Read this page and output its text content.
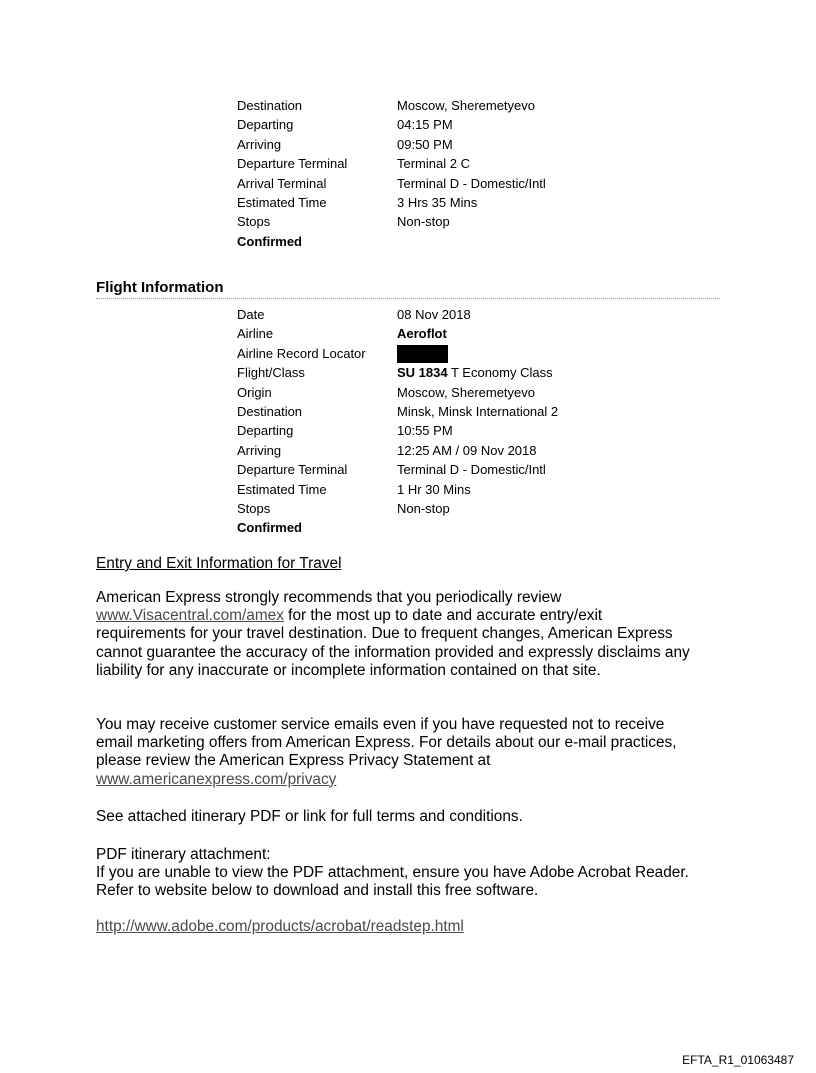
Destination	Moscow, Sheremetyevo
Departing	04:15 PM
Arriving	09:50 PM
Departure Terminal	Terminal 2 C
Arrival Terminal	Terminal D - Domestic/Intl
Estimated Time	3 Hrs 35 Mins
Stops	Non-stop
Confirmed
Flight Information
Date	08 Nov 2018
Airline	Aeroflot
Airline Record Locator
Flight/Class	SU 1834 T Economy Class
Origin	Moscow, Sheremetyevo
Destination	Minsk, Minsk International 2
Departing	10:55 PM
Arriving	12:25 AM / 09 Nov 2018
Departure Terminal	Terminal D - Domestic/Intl
Estimated Time	1 Hr 30 Mins
Stops	Non-stop
Confirmed

Entry and Exit Information for Travel

American Express strongly recommends that you periodically review

www.Visacentral.com/amex for the most up to date and accurate entry/exit

requirements for your travel destination. Due to frequent changes, American Express

cannot guarantee the accuracy of the information provided and expressly disclaims any

liability for any inaccurate or incomplete information contained on that site.

You may receive customer service emails even if you have requested not to receive

email marketing offers from American Express. For details about our e-mail practices,

please review the American Express Privacy Statement at

www.americanexpress.com/privacy

See attached itinerary PDF or link for full terms and conditions.

PDF itinerary attachment:

If you are unable to view the PDF attachment, ensure you have Adobe Acrobat Reader.

Refer to website below to download and install this free software.

http://www.adobe.com/products/acrobat/readstep.html

EFTA_R1_01063487
